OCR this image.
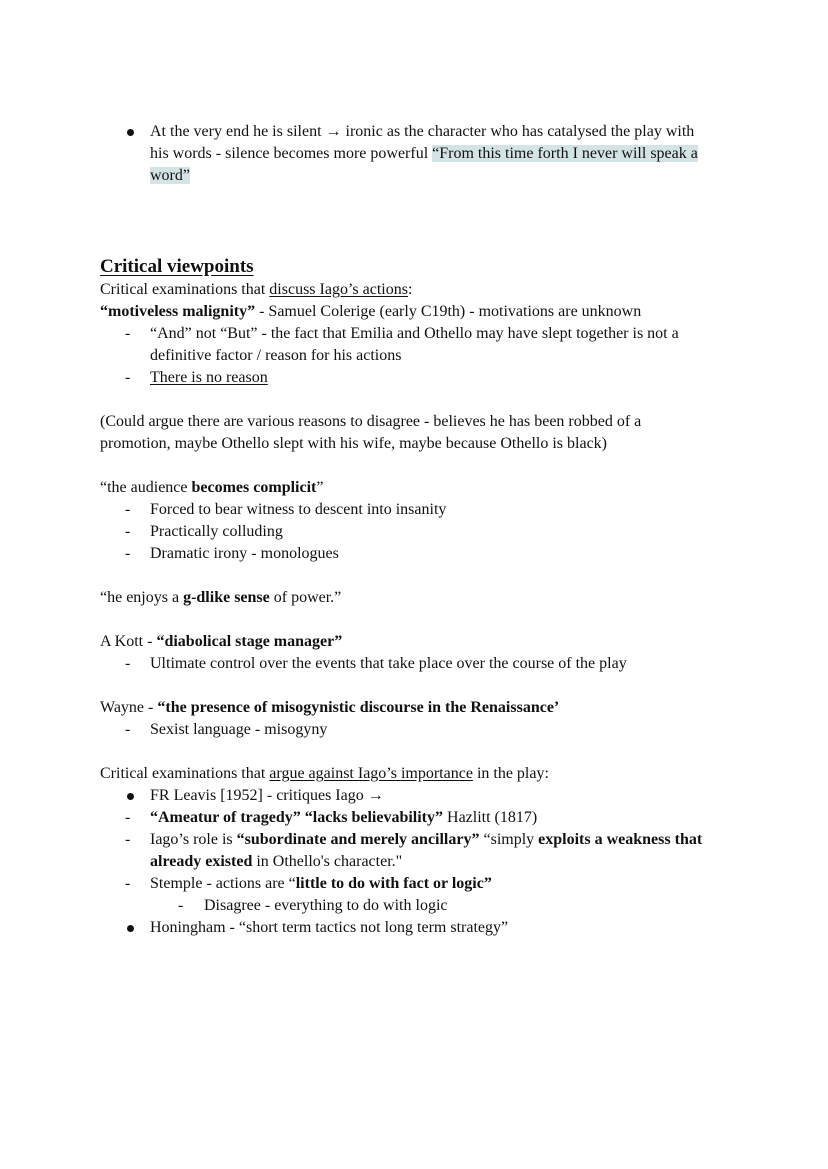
At the very end he is silent → ironic as the character who has catalysed the play with
his words - silence becomes more powerful “From this time forth I never will speak a
word”
Critical viewpoints
Critical examinations that discuss Iago’s actions:
“motiveless malignity” - Samuel Colerige (early C19th) - motivations are unknown
- “And” not “But” - the fact that Emilia and Othello may have slept together is not a
definitive factor / reason for his actions
- There is no reason
(Could argue there are various reasons to disagree - believes he has been robbed of a
promotion, maybe Othello slept with his wife, maybe because Othello is black)
“the audience becomes complicit”
- Forced to bear witness to descent into insanity
- Practically colluding
- Dramatic irony - monologues
“he enjoys a g-dlike sense of power.”
A Kott - “diabolical stage manager”
- Ultimate control over the events that take place over the course of the play
Wayne - “the presence of misogynistic discourse in the Renaissance’
- Sexist language - misogyny
Critical examinations that argue against Iago’s importance in the play:
FR Leavis [1952] - critiques Iago →
- “Ameatur of tragedy” “lacks believability” Hazlitt (1817)
- Iago’s role is “subordinate and merely ancillary” “simply exploits a weakness that
already existed in Othello's character."
- Stemple - actions are “little to do with fact or logic”
- Disagree - everything to do with logic
Honingham - “short term tactics not long term strategy”
